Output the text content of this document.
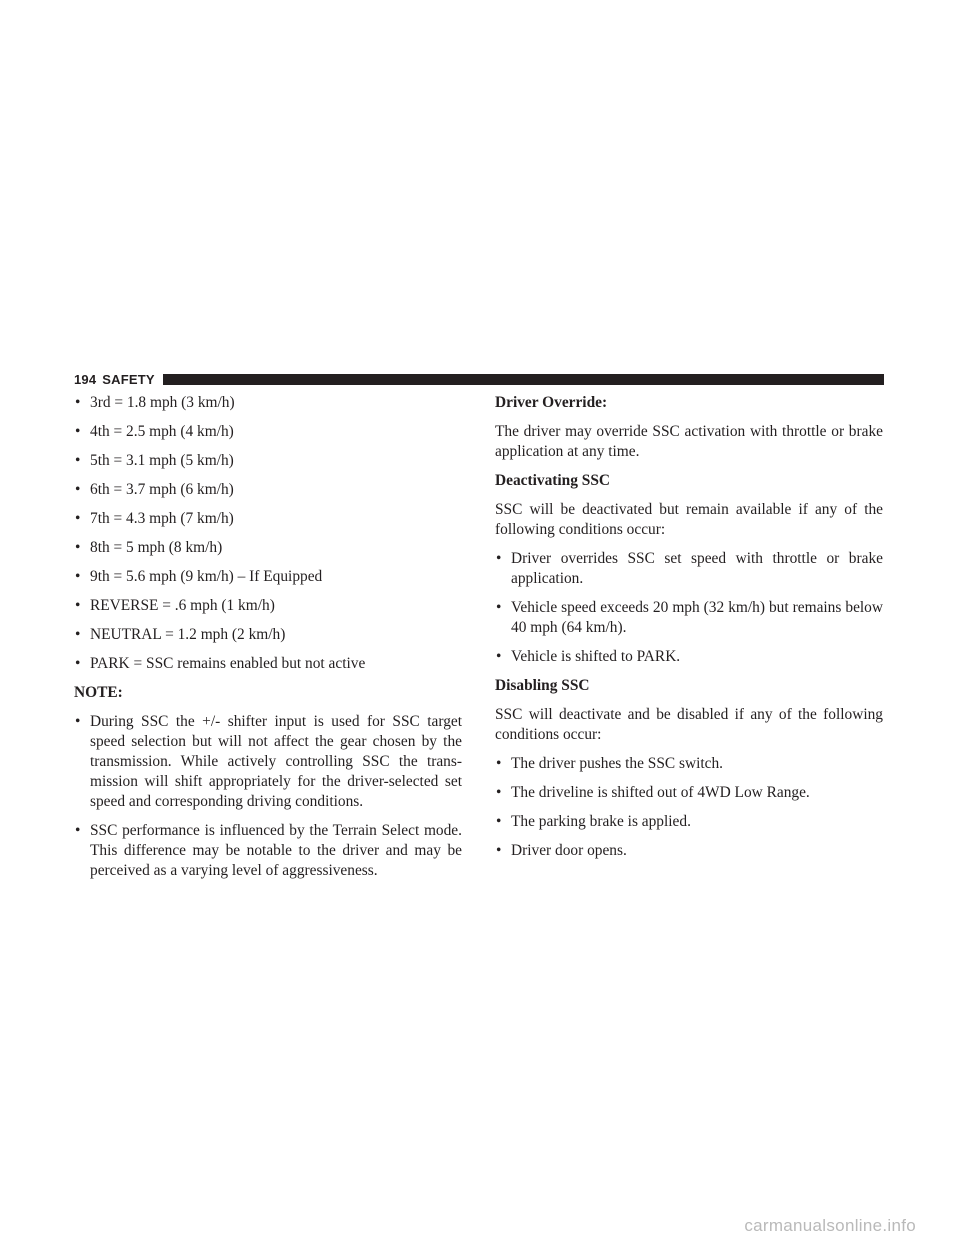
194 SAFETY
• 3rd = 1.8 mph (3 km/h)
• 4th = 2.5 mph (4 km/h)
• 5th = 3.1 mph (5 km/h)
• 6th = 3.7 mph (6 km/h)
• 7th = 4.3 mph (7 km/h)
• 8th = 5 mph (8 km/h)
• 9th = 5.6 mph (9 km/h) – If Equipped
• REVERSE = .6 mph (1 km/h)
• NEUTRAL = 1.2 mph (2 km/h)
• PARK = SSC remains enabled but not active
NOTE:
• During SSC the +/- shifter input is used for SSC target speed selection but will not affect the gear chosen by the transmission. While actively controlling SSC the trans-mission will shift appropriately for the driver-selected set speed and corresponding driving conditions.
• SSC performance is influenced by the Terrain Select mode. This difference may be notable to the driver and may be perceived as a varying level of aggressiveness.
Driver Override:

The driver may override SSC activation with throttle or brake application at any time.

Deactivating SSC

SSC will be deactivated but remain available if any of the following conditions occur:

• Driver overrides SSC set speed with throttle or brake application.
• Vehicle speed exceeds 20 mph (32 km/h) but remains below 40 mph (64 km/h).
• Vehicle is shifted to PARK.
Disabling SSC

SSC will deactivate and be disabled if any of the following conditions occur:

• The driver pushes the SSC switch.
• The driveline is shifted out of 4WD Low Range.
• The parking brake is applied.
• Driver door opens.
carmanualsonline.info
